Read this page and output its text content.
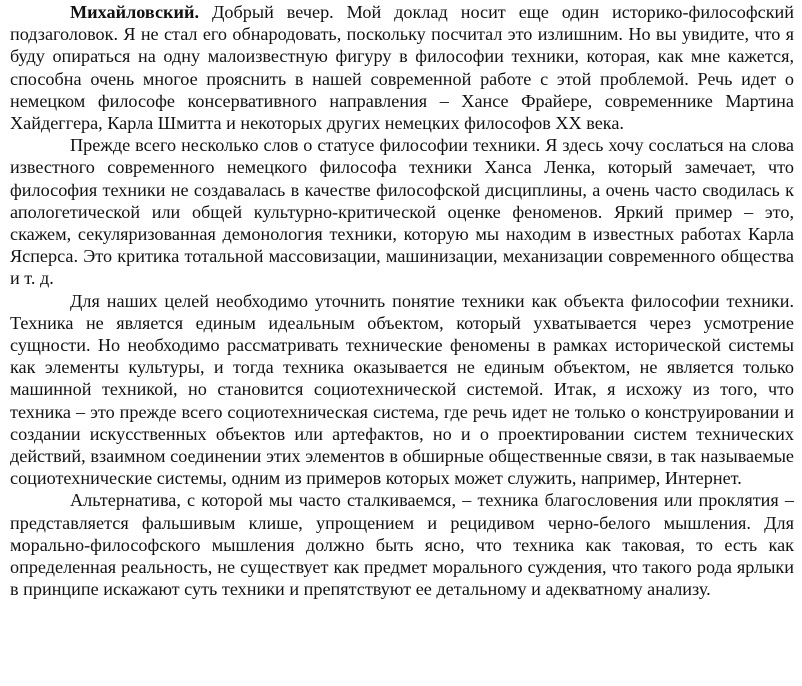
Михайловский. Добрый вечер. Мой доклад носит еще один историко-философский подзаголовок. Я не стал его обнародовать, поскольку посчитал это излишним. Но вы увидите, что я буду опираться на одну малоизвестную фигуру в философии техники, которая, как мне кажется, способна очень многое прояснить в нашей современной работе с этой проблемой. Речь идет о немецком философе консервативного направления – Хансе Фрайере, современнике Мартина Хайдеггера, Карла Шмитта и некоторых других немецких философов XX века.

Прежде всего несколько слов о статусе философии техники. Я здесь хочу сослаться на слова известного современного немецкого философа техники Ханса Ленка, который замечает, что философия техники не создавалась в качестве философской дисциплины, а очень часто сводилась к апологетической или общей культурно-критической оценке феноменов. Яркий пример – это, скажем, секуляризованная демонология техники, которую мы находим в известных работах Карла Ясперса. Это критика тотальной массовизации, машинизации, механизации современного общества и т. д.

Для наших целей необходимо уточнить понятие техники как объекта философии техники. Техника не является единым идеальным объектом, который ухватывается через усмотрение сущности. Но необходимо рассматривать технические феномены в рамках исторической системы как элементы культуры, и тогда техника оказывается не единым объектом, не является только машинной техникой, но становится социотехнической системой. Итак, я исхожу из того, что техника – это прежде всего социотехническая система, где речь идет не только о конструировании и создании искусственных объектов или артефактов, но и о проектировании систем технических действий, взаимном соединении этих элементов в обширные общественные связи, в так называемые социотехнические системы, одним из примеров которых может служить, например, Интернет.

Альтернатива, с которой мы часто сталкиваемся, – техника благословения или проклятия – представляется фальшивым клише, упрощением и рецидивом черно-белого мышления. Для морально-философского мышления должно быть ясно, что техника как таковая, то есть как определенная реальность, не существует как предмет морального суждения, что такого рода ярлыки в принципе искажают суть техники и препятствуют ее детальному и адекватному анализу.
